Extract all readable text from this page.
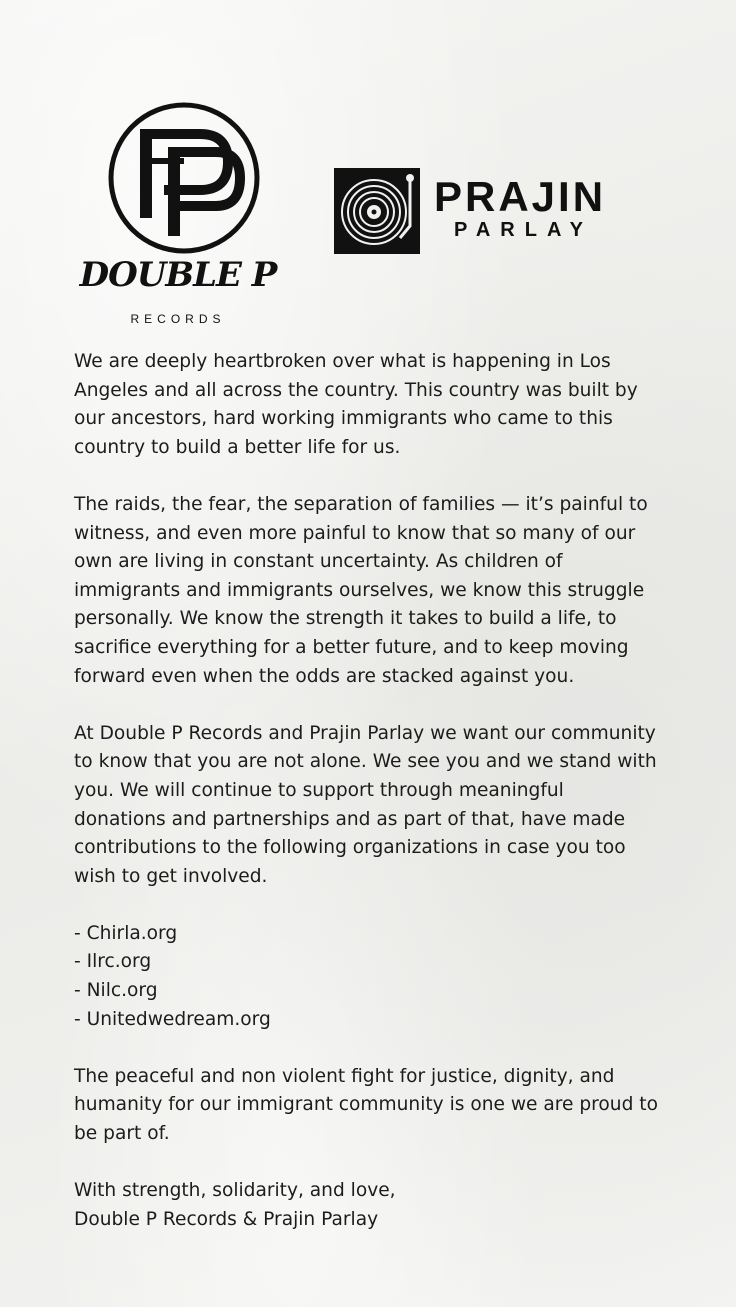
DOUBLE P
RECORDS
PRAJIN
PARLAY

We are deeply heartbroken over what is happening in Los

Angeles and all across the country. This country was built by

our ancestors, hard working immigrants who came to this

country to build a better life for us.

The raids, the fear, the separation of families — it’s painful to

witness, and even more painful to know that so many of our

own are living in constant uncertainty. As children of

immigrants and immigrants ourselves, we know this struggle

personally. We know the strength it takes to build a life, to

sacrifice everything for a better future, and to keep moving

forward even when the odds are stacked against you.

At Double P Records and Prajin Parlay we want our community

to know that you are not alone. We see you and we stand with

you. We will continue to support through meaningful

donations and partnerships and as part of that, have made

contributions to the following organizations in case you too

wish to get involved.

- Chirla.org

- Ilrc.org

- Nilc.org

- Unitedwedream.org

The peaceful and non violent fight for justice, dignity, and

humanity for our immigrant community is one we are proud to

be part of.

With strength, solidarity, and love,

Double P Records & Prajin Parlay
